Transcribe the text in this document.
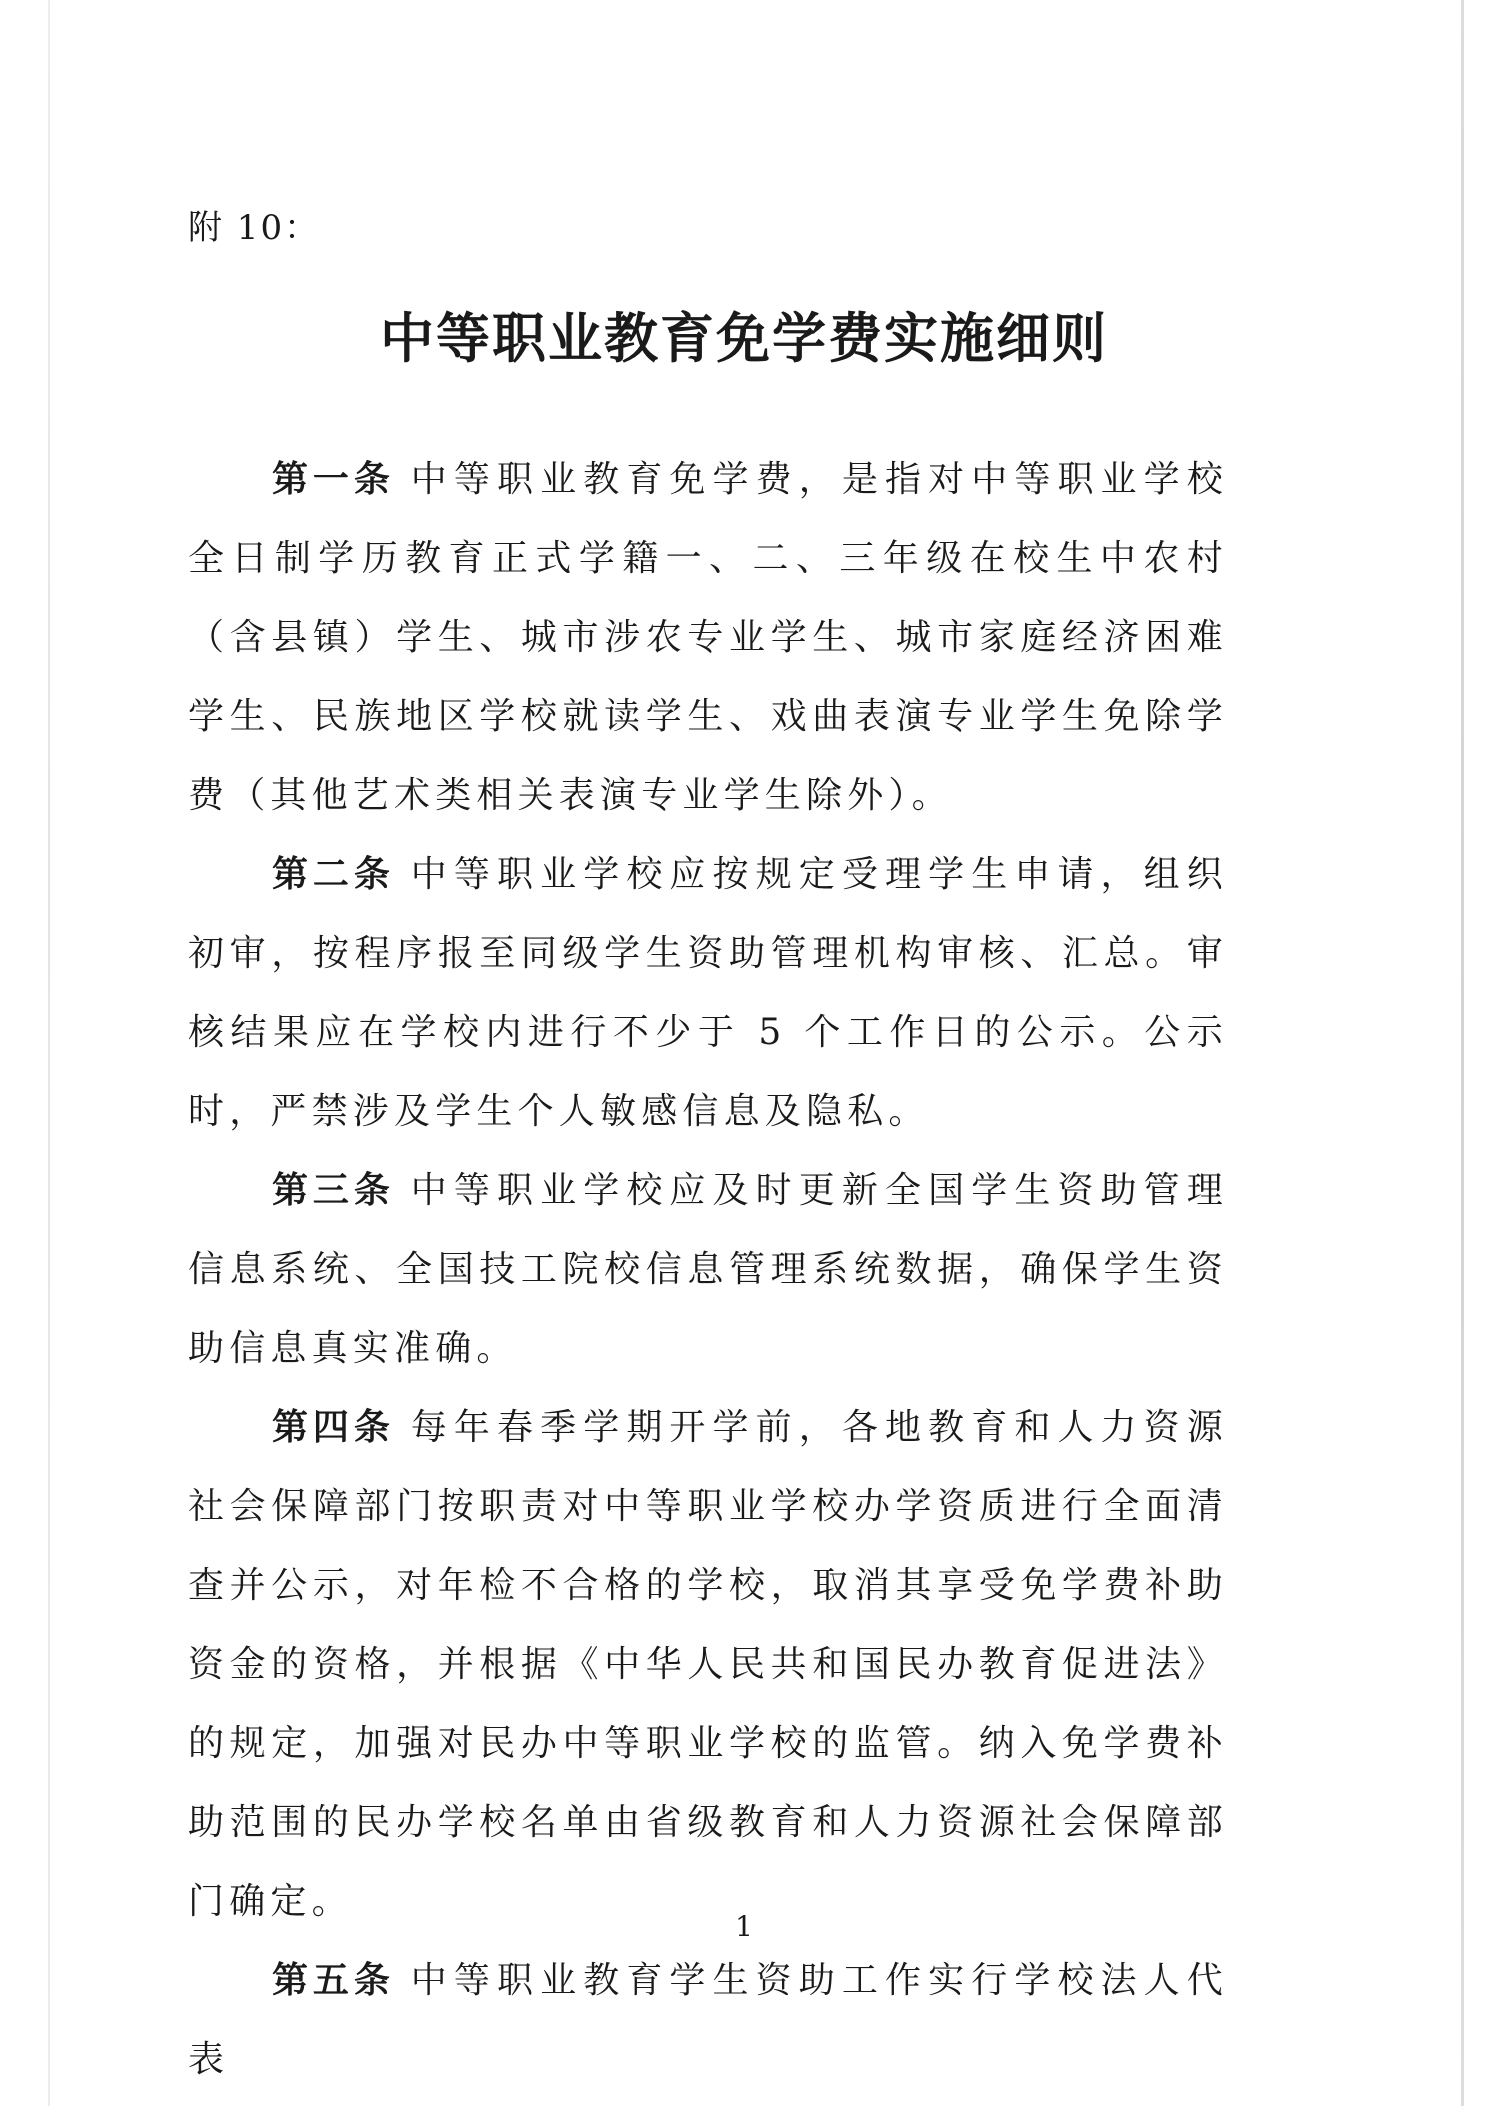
附 10：
中等职业教育免学费实施细则

第一条 中等职业教育免学费，是指对中等职业学校全日制学历教育正式学籍一、二、三年级在校生中农村（含县镇）学生、城市涉农专业学生、城市家庭经济困难学生、民族地区学校就读学生、戏曲表演专业学生免除学费（其他艺术类相关表演专业学生除外）。

第二条 中等职业学校应按规定受理学生申请，组织初审，按程序报至同级学生资助管理机构审核、汇总。审核结果应在学校内进行不少于 5 个工作日的公示。公示时，严禁涉及学生个人敏感信息及隐私。

第三条 中等职业学校应及时更新全国学生资助管理信息系统、全国技工院校信息管理系统数据，确保学生资助信息真实准确。

第四条 每年春季学期开学前，各地教育和人力资源社会保障部门按职责对中等职业学校办学资质进行全面清查并公示，对年检不合格的学校，取消其享受免学费补助资金的资格，并根据《中华人民共和国民办教育促进法》的规定，加强对民办中等职业学校的监管。纳入免学费补助范围的民办学校名单由省级教育和人力资源社会保障部门确定。

第五条 中等职业教育学生资助工作实行学校法人代表

1
